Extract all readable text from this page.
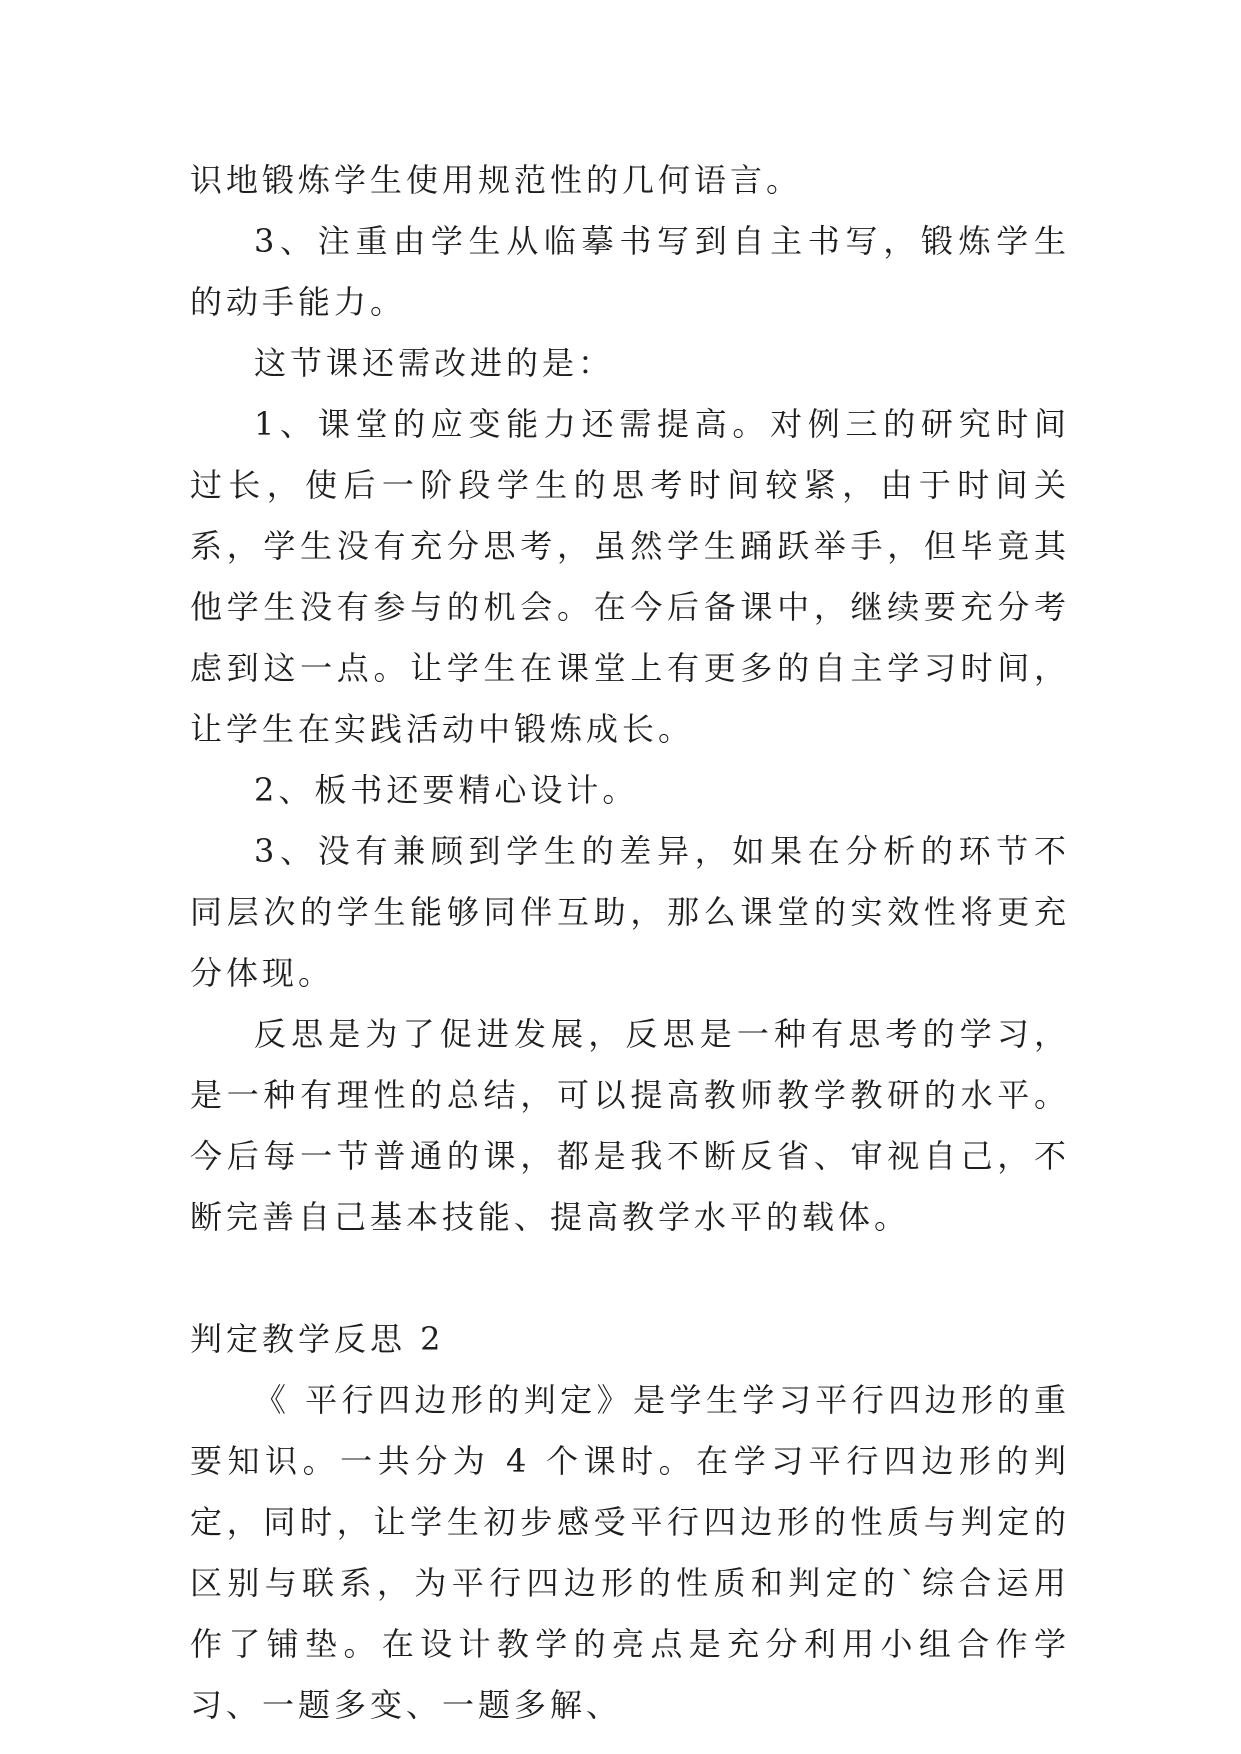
识地锻炼学生使用规范性的几何语言。

3、注重由学生从临摹书写到自主书写，锻炼学生的动手能力。

这节课还需改进的是：

1、课堂的应变能力还需提高。对例三的研究时间过长，使后一阶段学生的思考时间较紧，由于时间关系，学生没有充分思考，虽然学生踊跃举手，但毕竟其他学生没有参与的机会。在今后备课中，继续要充分考虑到这一点。让学生在课堂上有更多的自主学习时间，让学生在实践活动中锻炼成长。

2、板书还要精心设计。

3、没有兼顾到学生的差异，如果在分析的环节不同层次的学生能够同伴互助，那么课堂的实效性将更充分体现。

反思是为了促进发展，反思是一种有思考的学习，是一种有理性的总结，可以提高教师教学教研的水平。今后每一节普通的课，都是我不断反省、审视自己，不断完善自己基本技能、提高教学水平的载体。

判定教学反思 2

《 平行四边形的判定》是学生学习平行四边形的重要知识。一共分为 4 个课时。在学习平行四边形的判定，同时，让学生初步感受平行四边形的性质与判定的区别与联系，为平行四边形的性质和判定的`综合运用作了铺垫。在设计教学的亮点是充分利用小组合作学习、一题多变、一题多解、
